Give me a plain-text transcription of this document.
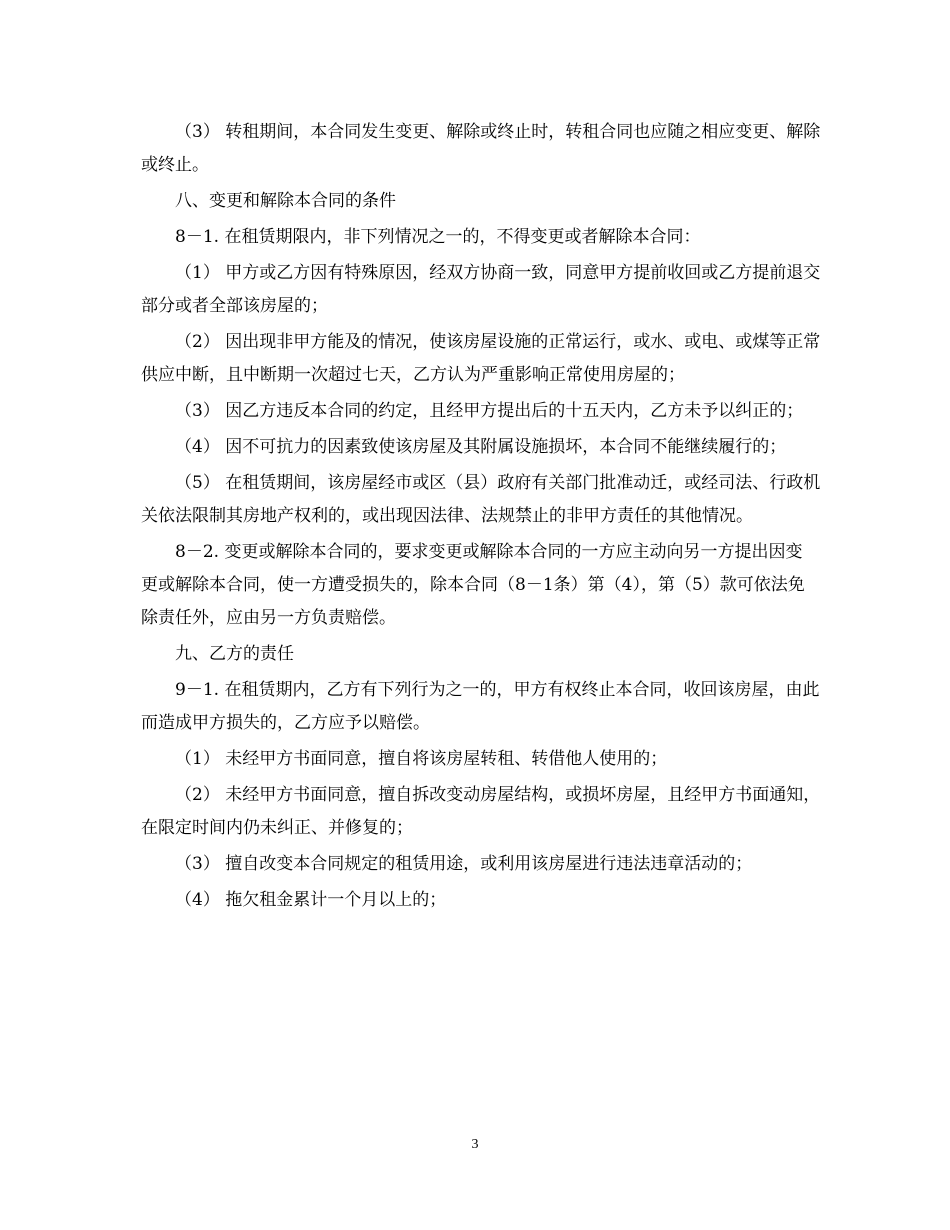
（3） 转租期间，本合同发生变更、解除或终止时，转租合同也应随之相应变更、解除或终止。

八、变更和解除本合同的条件

8－1. 在租赁期限内，非下列情况之一的，不得变更或者解除本合同：

（1） 甲方或乙方因有特殊原因，经双方协商一致，同意甲方提前收回或乙方提前退交部分或者全部该房屋的；

（2） 因出现非甲方能及的情况，使该房屋设施的正常运行，或水、或电、或煤等正常供应中断，且中断期一次超过七天，乙方认为严重影响正常使用房屋的；

（3） 因乙方违反本合同的约定，且经甲方提出后的十五天内，乙方未予以纠正的；

（4） 因不可抗力的因素致使该房屋及其附属设施损坏，本合同不能继续履行的；

（5） 在租赁期间，该房屋经市或区（县）政府有关部门批准动迁，或经司法、行政机关依法限制其房地产权利的，或出现因法律、法规禁止的非甲方责任的其他情况。

8－2. 变更或解除本合同的，要求变更或解除本合同的一方应主动向另一方提出因变 更或解除本合同，使一方遭受损失的，除本合同（8－1条）第（4），第（5）款可依法免除责任外，应由另一方负责赔偿。

九、乙方的责任

9－1. 在租赁期内，乙方有下列行为之一的，甲方有权终止本合同，收回该房屋，由此而造成甲方损失的，乙方应予以赔偿。

（1） 未经甲方书面同意，擅自将该房屋转租、转借他人使用的；

（2） 未经甲方书面同意，擅自拆改变动房屋结构，或损坏房屋，且经甲方书面通知， 在限定时间内仍未纠正、并修复的；

（3） 擅自改变本合同规定的租赁用途，或利用该房屋进行违法违章活动的；

（4） 拖欠租金累计一个月以上的；

3
